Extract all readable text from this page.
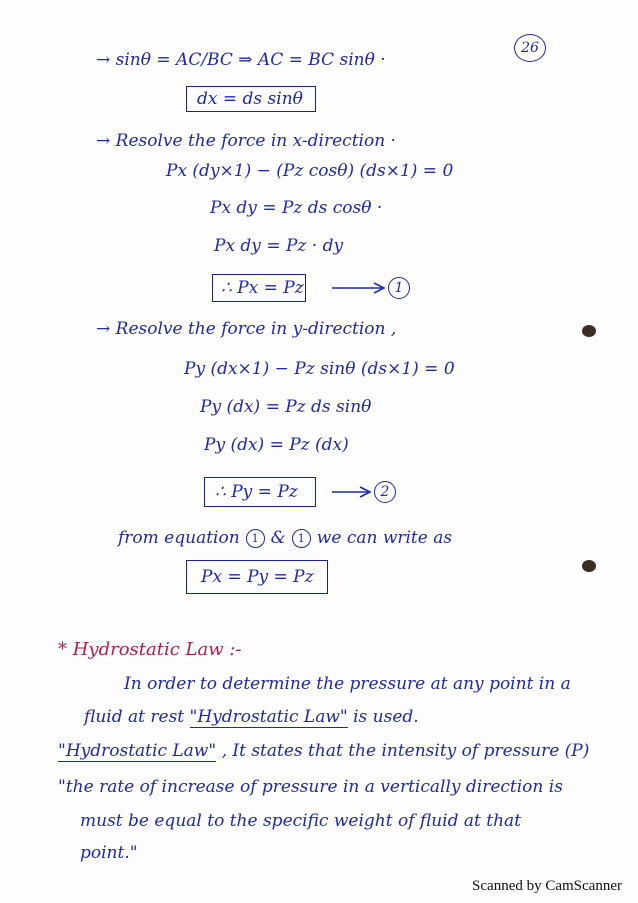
26
→ sinθ = AC/BC ⇒ AC = BC sinθ ·
dx = ds sinθ
→ Resolve the force in x-direction ·
Px (dy×1) − (Pz cosθ) (ds×1) = 0
Px dy = Pz ds cosθ ·
Px dy = Pz · dy
∴ Px = Pz	1
→ Resolve the force in y-direction ,
Py (dx×1) − Pz sinθ (ds×1) = 0
Py (dx) = Pz ds sinθ
Py (dx) = Pz (dx)
∴ Py = Pz	2
from equation	1 &	1 we can write as
Px = Py = Pz
* Hydrostatic Law :-
In order to determine the pressure at any point in a
fluid at rest "Hydrostatic Law" is used.
"Hydrostatic Law" , It states that the intensity of pressure (P)
"the rate of increase of pressure in a vertically direction is
must be equal to the specific weight of fluid at that
point."
Scanned by CamScanner
